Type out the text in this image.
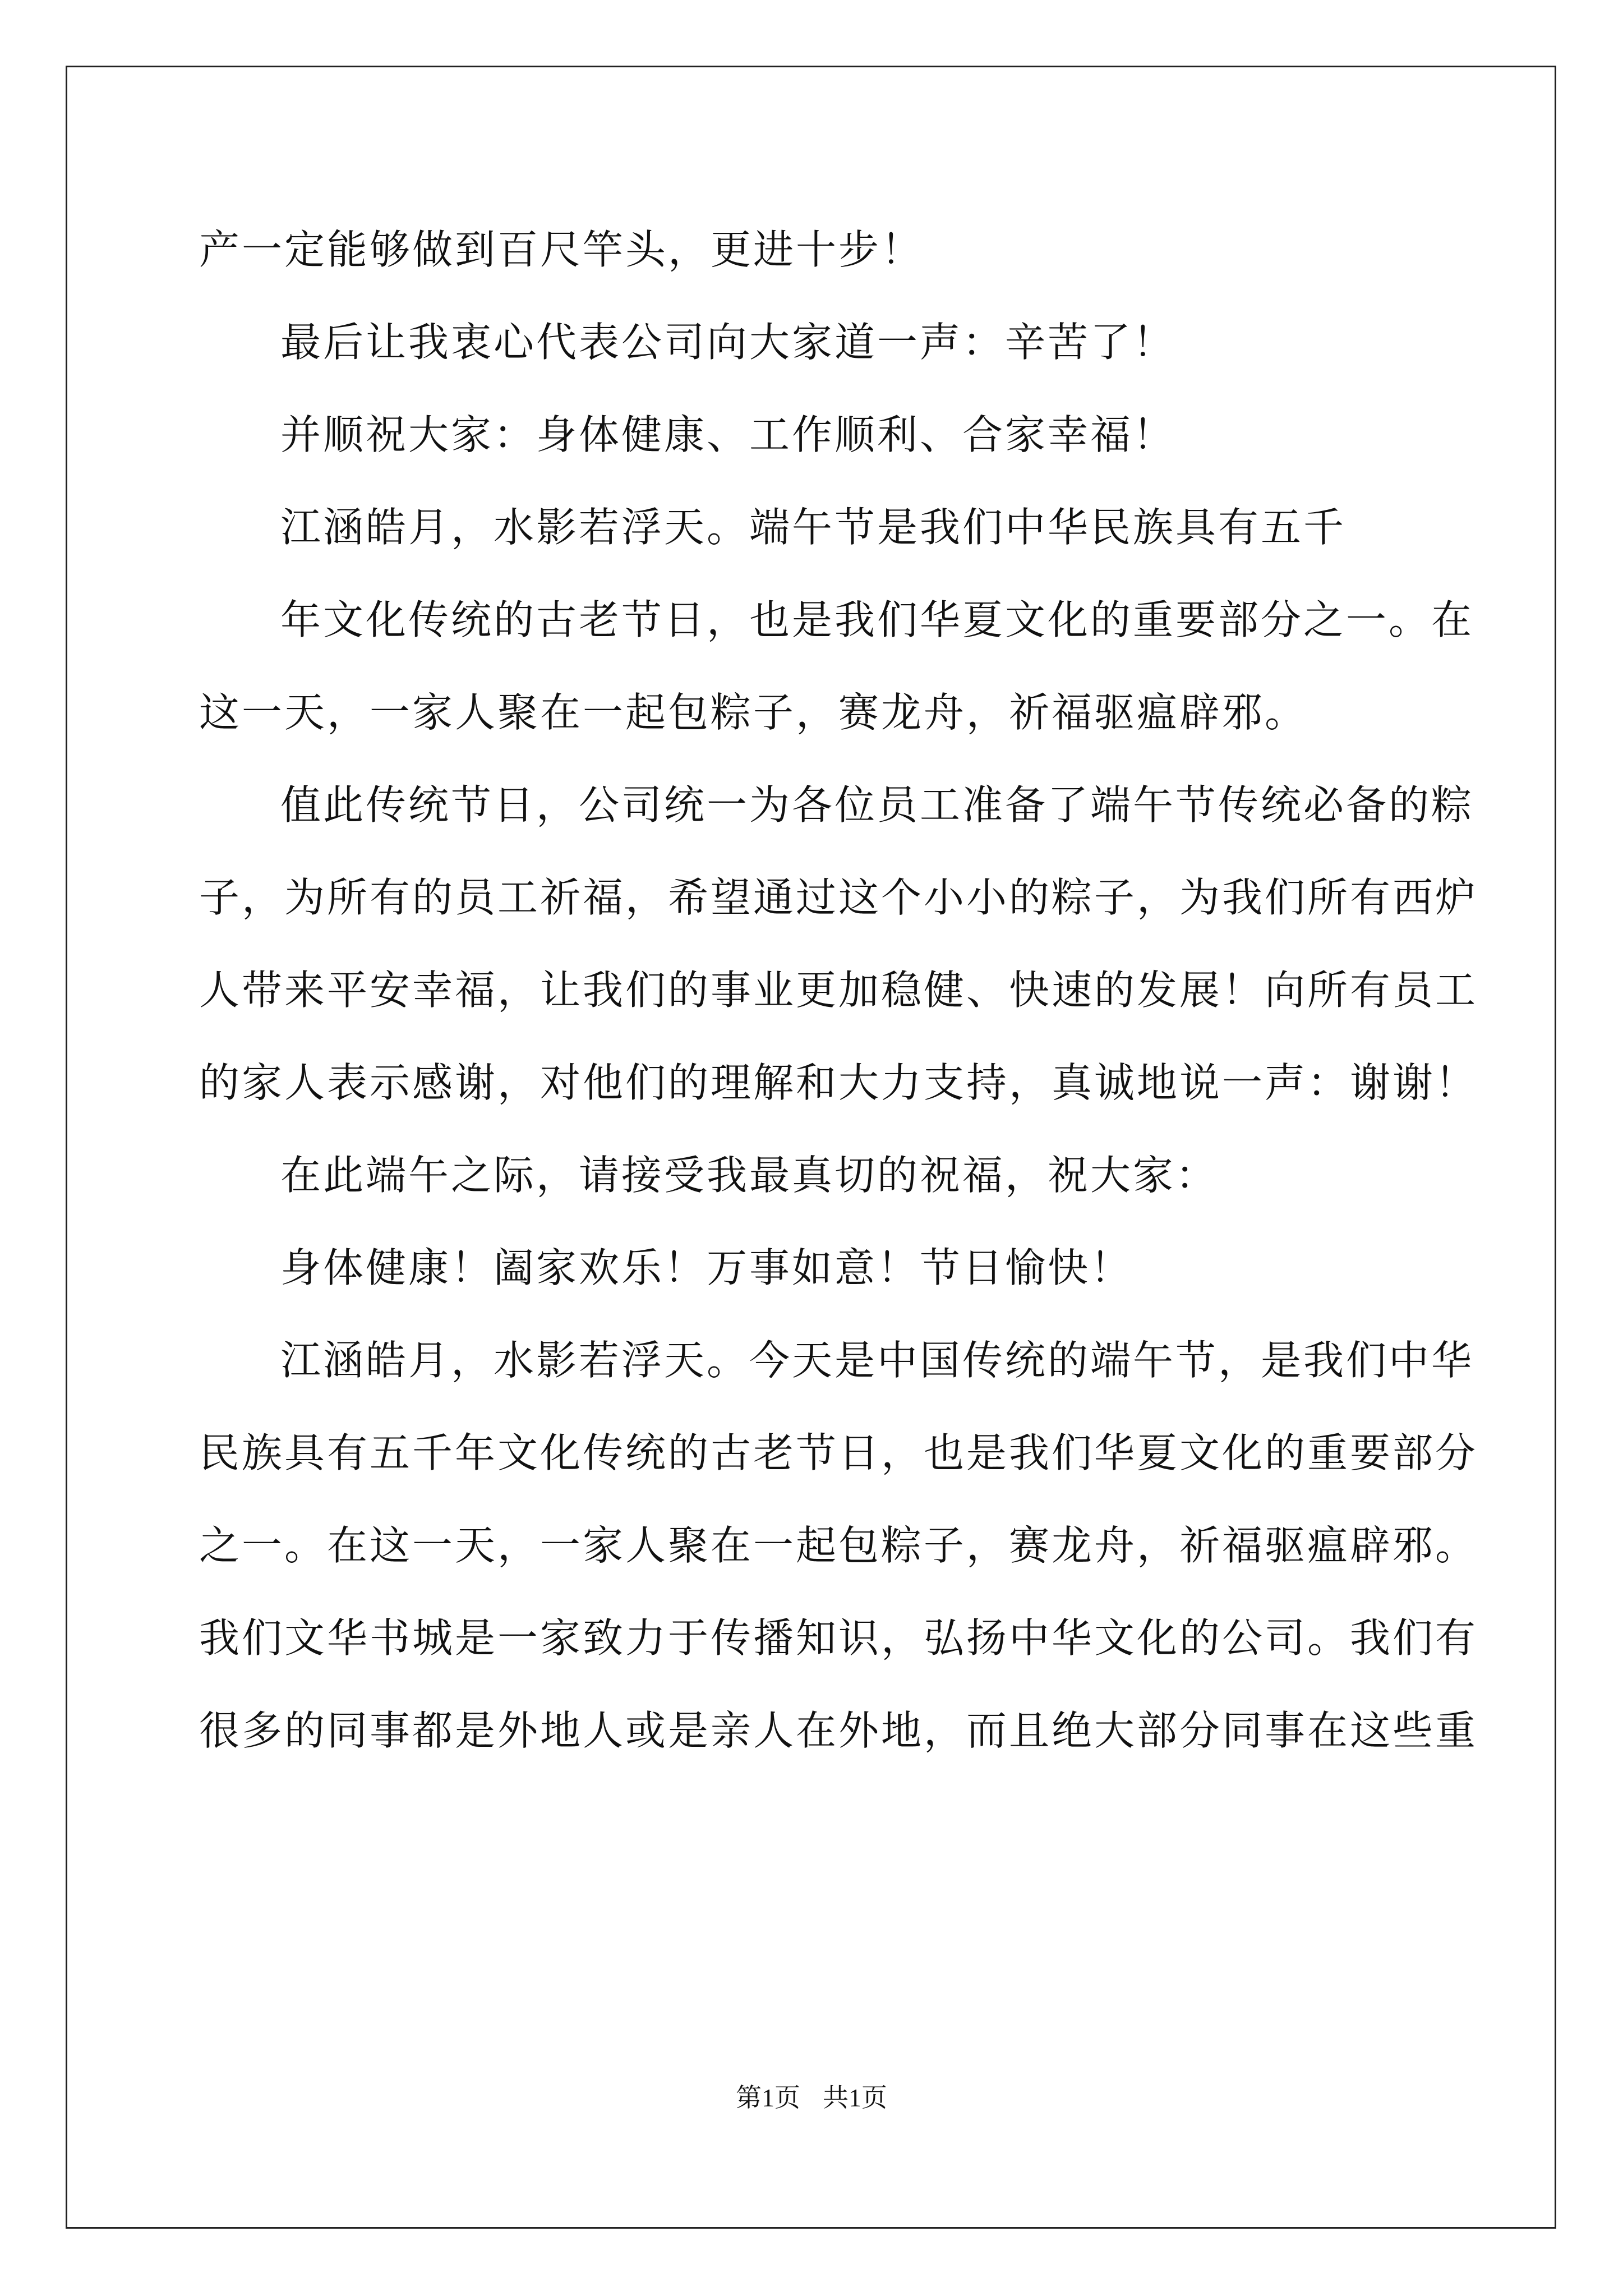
产一定能够做到百尺竿头，更进十步！
最后让我衷心代表公司向大家道一声：辛苦了！
并顺祝大家：身体健康、工作顺利、合家幸福！
江涵皓月，水影若浮天。端午节是我们中华民族具有五千
年文化传统的古老节日，也是我们华夏文化的重要部分之一。在
这一天，一家人聚在一起包粽子，赛龙舟，祈福驱瘟辟邪。
值此传统节日，公司统一为各位员工准备了端午节传统必备的粽
子，为所有的员工祈福，希望通过这个小小的粽子，为我们所有西炉
人带来平安幸福，让我们的事业更加稳健、快速的发展！向所有员工
的家人表示感谢，对他们的理解和大力支持，真诚地说一声：谢谢！
在此端午之际，请接受我最真切的祝福，祝大家：
身体健康！阖家欢乐！万事如意！节日愉快！
江涵皓月，水影若浮天。今天是中国传统的端午节，是我们中华
民族具有五千年文化传统的古老节日，也是我们华夏文化的重要部分
之一。在这一天，一家人聚在一起包粽子，赛龙舟，祈福驱瘟辟邪。
我们文华书城是一家致力于传播知识，弘扬中华文化的公司。我们有
很多的同事都是外地人或是亲人在外地，而且绝大部分同事在这些重
第1页 共1页
